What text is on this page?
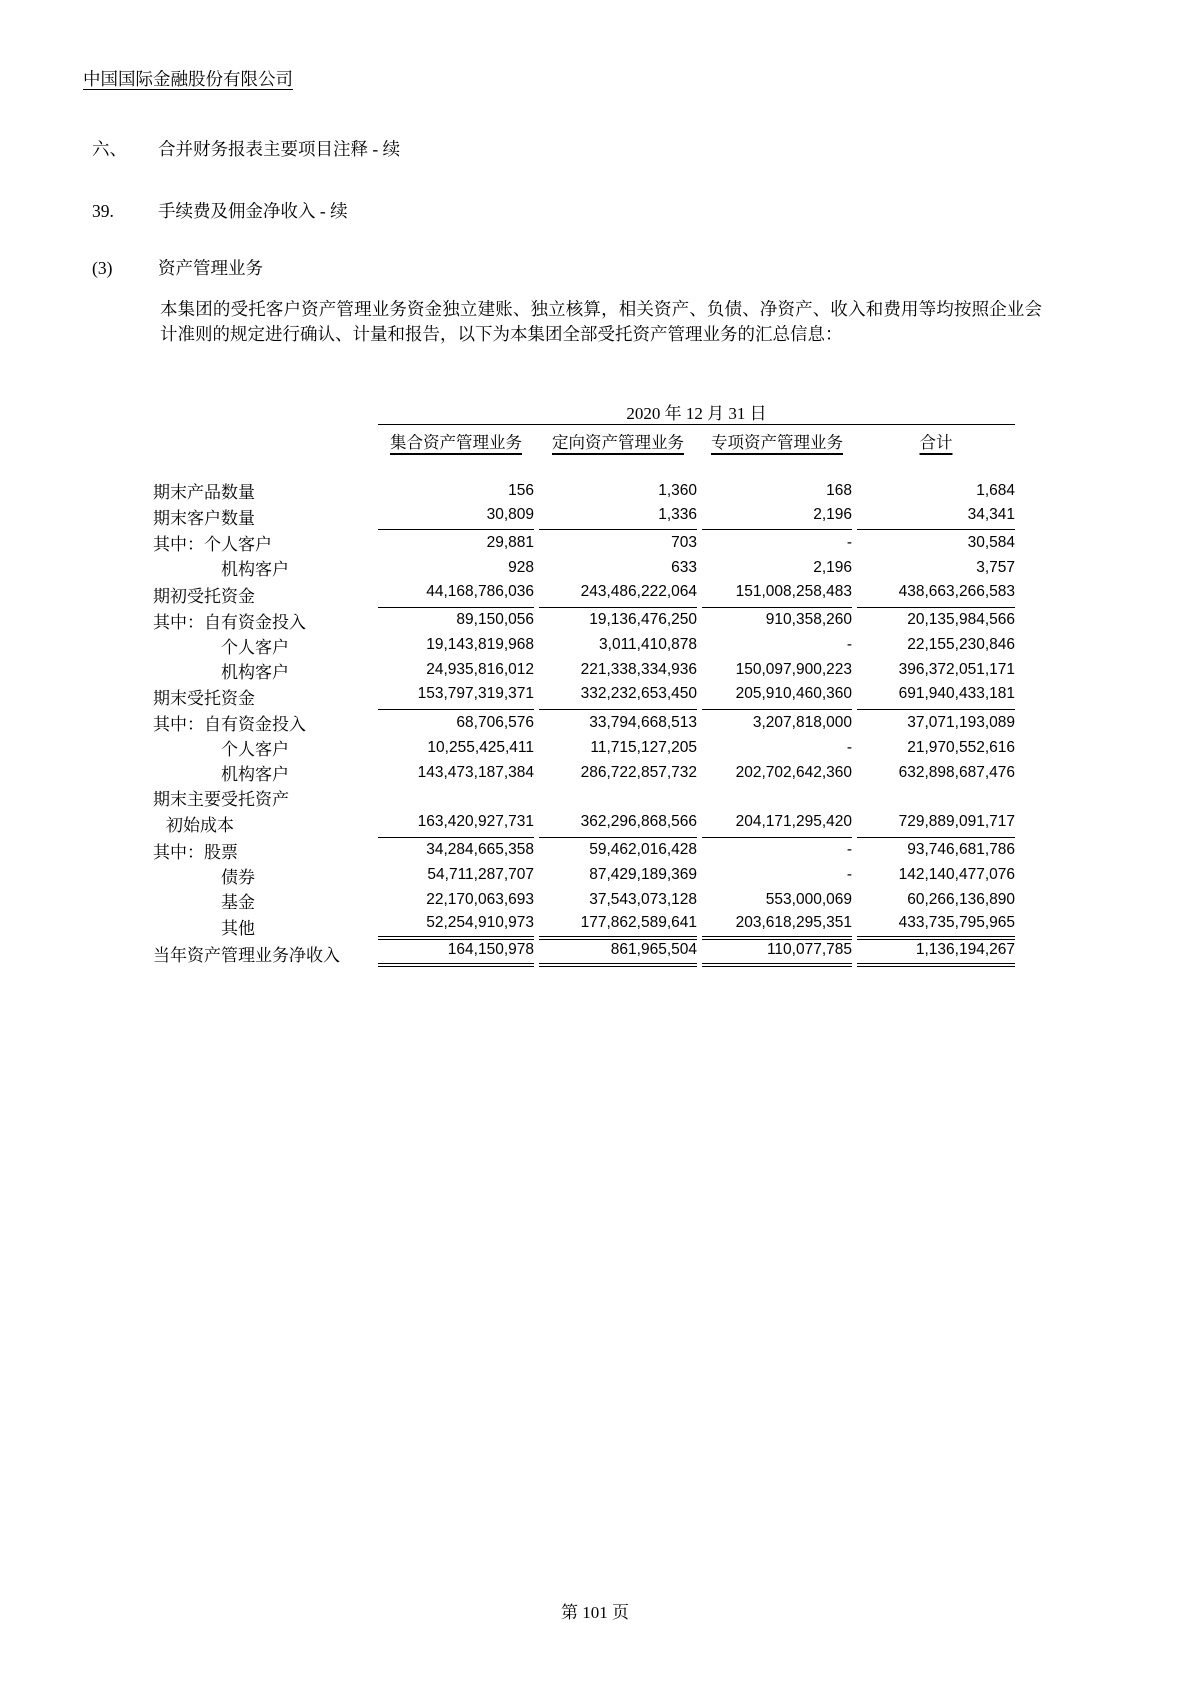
中国国际金融股份有限公司
六、 合并财务报表主要项目注释 - 续
39.	手续费及佣金净收入 - 续
(3)	资产管理业务
本集团的受托客户资产管理业务资金独立建账、独立核算，相关资产、负债、净资产、收入和费用等均按照企业会计准则的规定进行确认、计量和报告，以下为本集团全部受托资产管理业务的汇总信息：
	2020 年 12 月 31 日			
	集合资产管理业务	定向资产管理业务	专项资产管理业务	合计

期末产品数量	156	1,360	168	1,684
期末客户数量	30,809	1,336	2,196	34,341
其中：个人客户	29,881	703	-	30,584
机构客户	928	633	2,196	3,757
期初受托资金	44,168,786,036	243,486,222,064	151,008,258,483	438,663,266,583
其中：自有资金投入	89,150,056	19,136,476,250	910,358,260	20,135,984,566
个人客户	19,143,819,968	3,011,410,878	-	22,155,230,846
机构客户	24,935,816,012	221,338,334,936	150,097,900,223	396,372,051,171
期末受托资金	153,797,319,371	332,232,653,450	205,910,460,360	691,940,433,181
其中：自有资金投入	68,706,576	33,794,668,513	3,207,818,000	37,071,193,089
个人客户	10,255,425,411	11,715,127,205	-	21,970,552,616
机构客户	143,473,187,384	286,722,857,732	202,702,642,360	632,898,687,476
期末主要受托资产				
初始成本	163,420,927,731	362,296,868,566	204,171,295,420	729,889,091,717
其中：股票	34,284,665,358	59,462,016,428	-	93,746,681,786
债券	54,711,287,707	87,429,189,369	-	142,140,477,076
基金	22,170,063,693	37,543,073,128	553,000,069	60,266,136,890
其他	52,254,910,973	177,862,589,641	203,618,295,351	433,735,795,965
当年资产管理业务净收入	164,150,978	861,965,504	110,077,785	1,136,194,267
第 101 页
